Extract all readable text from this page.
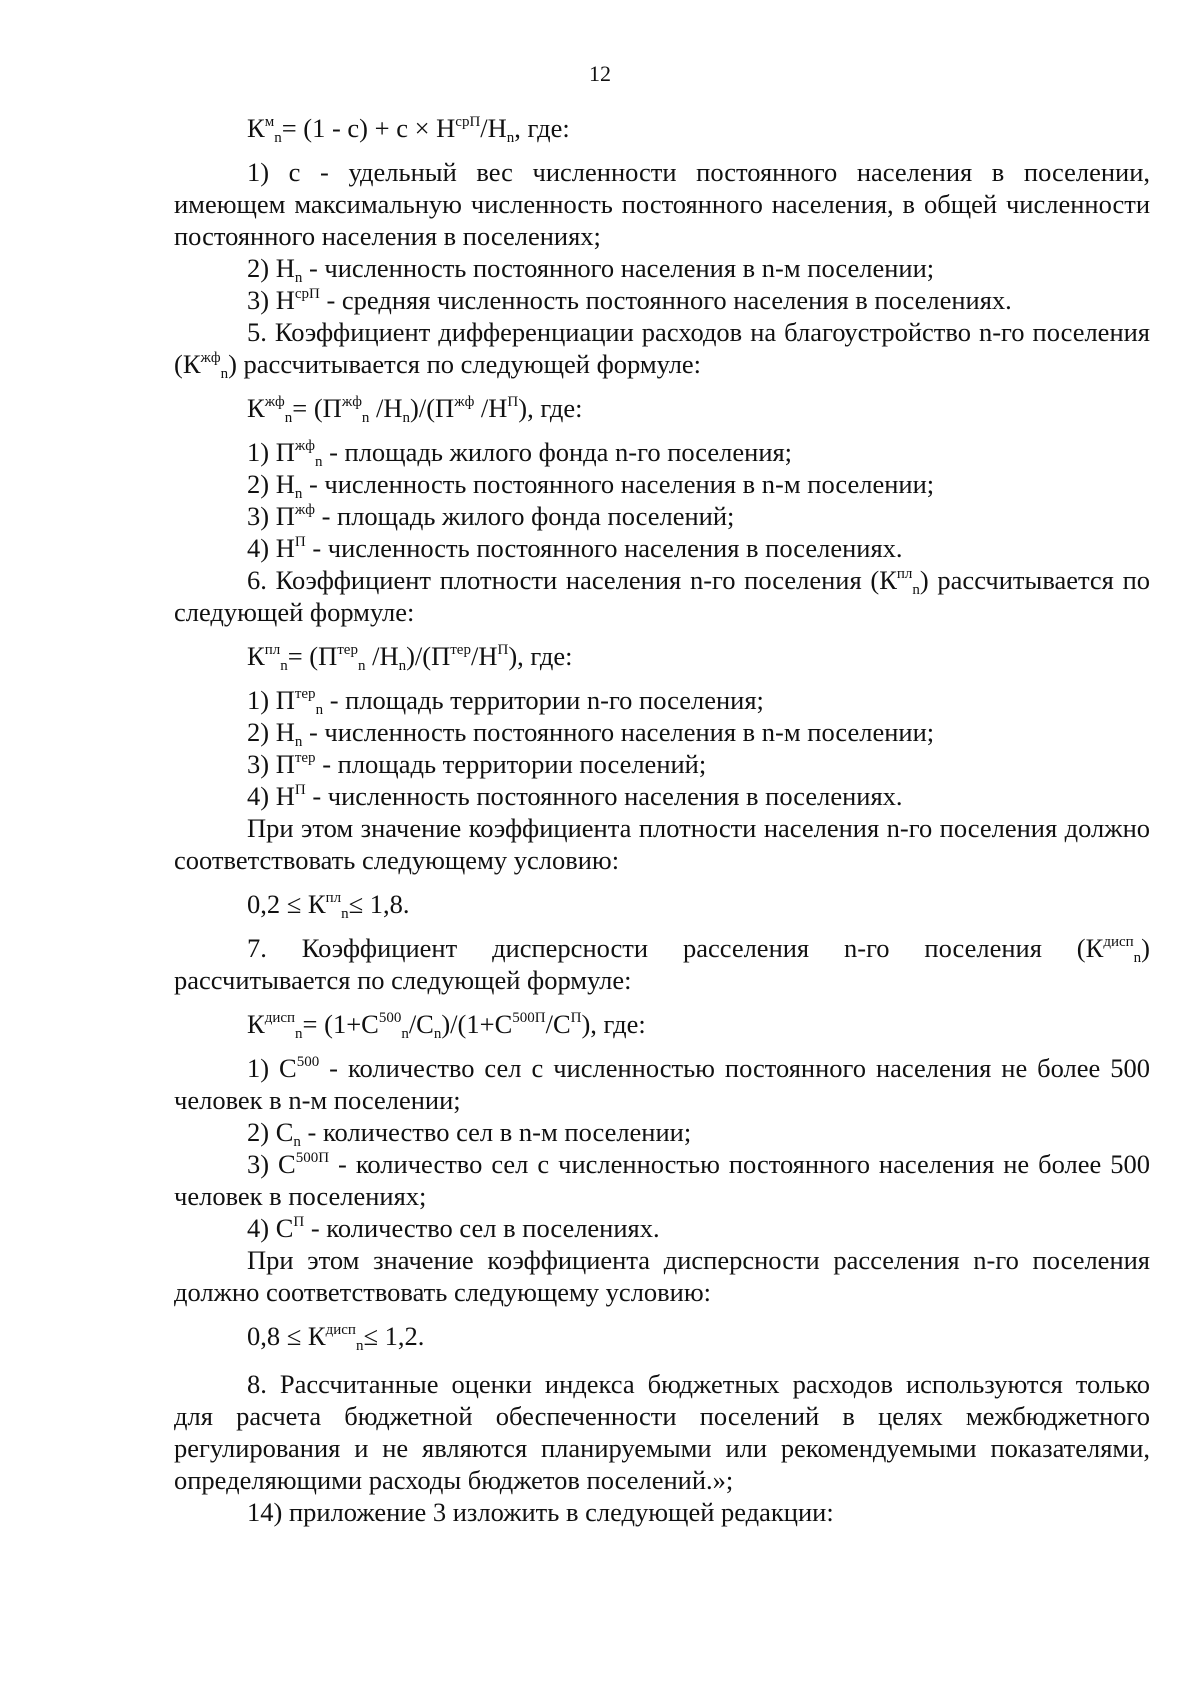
12

$К^м_n= (1 - с) + с \times Н^{срП}/Н_n$, где:

1) с - удельный вес численности постоянного населения в поселении, имеющем максимальную численность постоянного населения, в общей численности постоянного населения в поселениях;

2) $Н_n$ - численность постоянного населения в n-м поселении;

3) $Н^{срП}$ - средняя численность постоянного населения в поселениях.

5. Коэффициент дифференциации расходов на благоустройство n-го поселения $(К^{жф}_n)$ рассчитывается по следующей формуле:

$К^{жф}_n= (П^{жф}_n$ $/Н_n)/(П^{жф}$ $/Н^П$), где:

1) $П^{жф}_n$ - площадь жилого фонда n-го поселения;

2) $Н_n$ - численность постоянного населения в n-м поселении;

3) $П^{жф}$ - площадь жилого фонда поселений;

4) $Н^П$ - численность постоянного населения в поселениях.

6. Коэффициент плотности населения n-го поселения $(К^{пл}_n)$ рассчитывается по следующей формуле:

$К^{пл}_n= (П^{тер}_n$ $/Н_n)/(П^{тер}/Н^П)$, где:

1) $П^{тер}_n$ - площадь территории n-го поселения;

2) $Н_n$ - численность постоянного населения в n-м поселении;

3) $П^{тер}$ - площадь территории поселений;

4) $Н^П$ - численность постоянного населения в поселениях.

При этом значение коэффициента плотности населения n-го поселения должно соответствовать следующему условию:

$0,2 \le К^{пл}_n\le 1,8$.

7. Коэффициент дисперсности расселения n-го поселения $(К^{дисп}_n)$ рассчитывается по следующей формуле:

$К^{дисп}_n= (1+С^{500}_n/С_n)/(1+С^{500П}/С^П)$, где:

1) $С^{500}$ - количество сел с численностью постоянного населения не более 500 человек в n-м поселении;

2) $С_n$ - количество сел в n-м поселении;

3) $С^{500П}$ - количество сел с численностью постоянного населения не более 500 человек в поселениях;

4) $С^П$ - количество сел в поселениях.

При этом значение коэффициента дисперсности расселения n-го поселения должно соответствовать следующему условию:

$0,8 \le К^{дисп}_n\le 1,2$.

8. Рассчитанные оценки индекса бюджетных расходов используются только для расчета бюджетной обеспеченности поселений в целях межбюджетного регулирования и не являются планируемыми или рекомендуемыми показателями, определяющими расходы бюджетов поселений.»;

14) приложение 3 изложить в следующей редакции:
